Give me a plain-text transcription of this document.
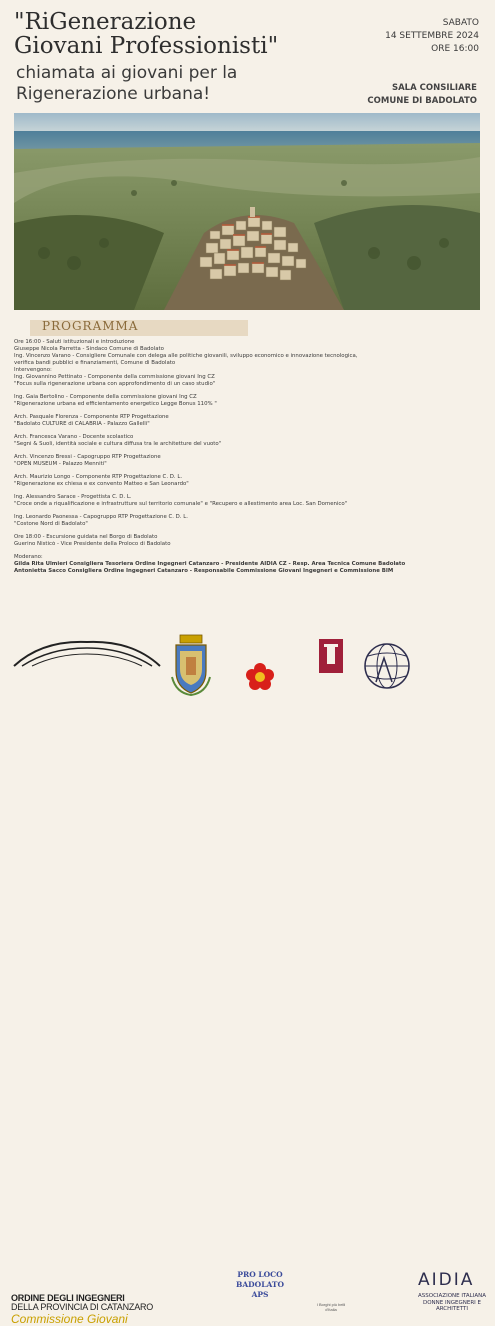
"RiGenerazione
Giovani Professionisti"
chiamata ai giovani per la Rigenerazione urbana!
SABATO
14 SETTEMBRE 2024
ORE 16:00
SALA CONSILIARE
COMUNE DI BADOLATO
PROGRAMMA
Ore 16:00 - Saluti istituzionali e introduzione
Giuseppe Nicola Parretta - Sindaco Comune di Badolato
Ing. Vincenzo Varano - Consigliere Comunale con delega alle politiche giovanili, sviluppo economico e innovazione tecnologica,
verifica bandi pubblici e finanziamenti, Comune di Badolato
Intervengono:
Ing. Giovannino Pettinato - Componente della commissione giovani Ing CZ
"Focus sulla rigenerazione urbana con approfondimento di un caso studio"
Ing. Gaia Bertolino - Componente della commissione giovani Ing CZ
"Rigenerazione urbana ed efficientamento energetico Legge Bonus 110% "
Arch. Pasquale Florenza - Componente RTP Progettazione
"Badolato CULTURE di CALABRIA - Palazzo Gallelli"
Arch. Francesca Varano - Docente scolastico
"Segni & Suoli, identità sociale e cultura diffusa tra le architetture del vuoto"
Arch. Vincenzo Bressi - Capogruppo RTP Progettazione
"OPEN MUSEUM - Palazzo Menniti"
Arch. Maurizio Longo - Componente RTP Progettazione C. D. L.
"Rigenerazione ex chiesa e ex convento Matteo e San Leonardo"
Ing. Alessandro Sarace - Progettista C. D. L.
"Croce onde a riqualificazione e infrastrutture sul territorio comunale" e "Recupero e allestimento area Loc. San Domenico"
Ing. Leonardo Paonessa - Capogruppo RTP Progettazione C. D. L.
"Costone Nord di Badolato"
Ore 18:00 - Escursione guidata nel Borgo di Badolato
Guerino Nisticò - Vice Presidente della Proloco di Badolato
Moderano:
Gilda Rita Ulmieri Consigliera Tesoriera Ordine Ingegneri Catanzaro - Presidente AIDIA CZ - Resp. Area Tecnica Comune Badolato
Antonietta Sacco Consigliera Ordine Ingegneri Catanzaro - Responsabile Commissione Giovani Ingegneri e Commissione BIM
ORDINE DEGLI INGEGNERI
DELLA PROVINCIA DI CATANZARO
Commissione Giovani
PRO LOCO
BADOLATO APS
I Borghi più belli d'Italia
AIDIA
ASSOCIAZIONE ITALIANA DONNE INGEGNERI E ARCHITETTI
